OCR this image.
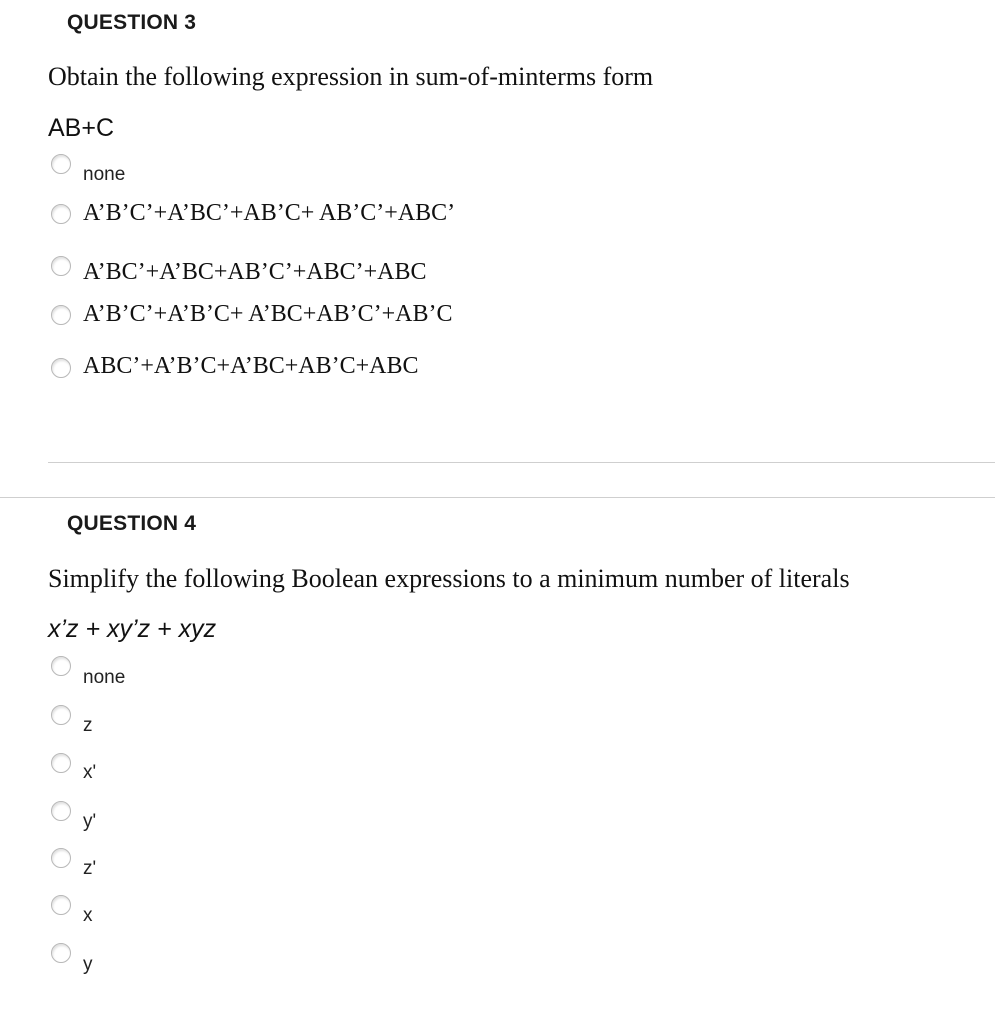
QUESTION 3
Obtain the following expression in sum-of-minterms form
AB+C
none
A’B’C’+A’BC’+AB’C+ AB’C’+ABC’
A’BC’+A’BC+AB’C’+ABC’+ABC
A’B’C’+A’B’C+ A’BC+AB’C’+AB’C
ABC’+A’B’C+A’BC+AB’C+ABC
QUESTION 4
Simplify the following Boolean expressions to a minimum number of literals
x’z + xy’z + xyz
none
z
x'
y'
z'
x
y
